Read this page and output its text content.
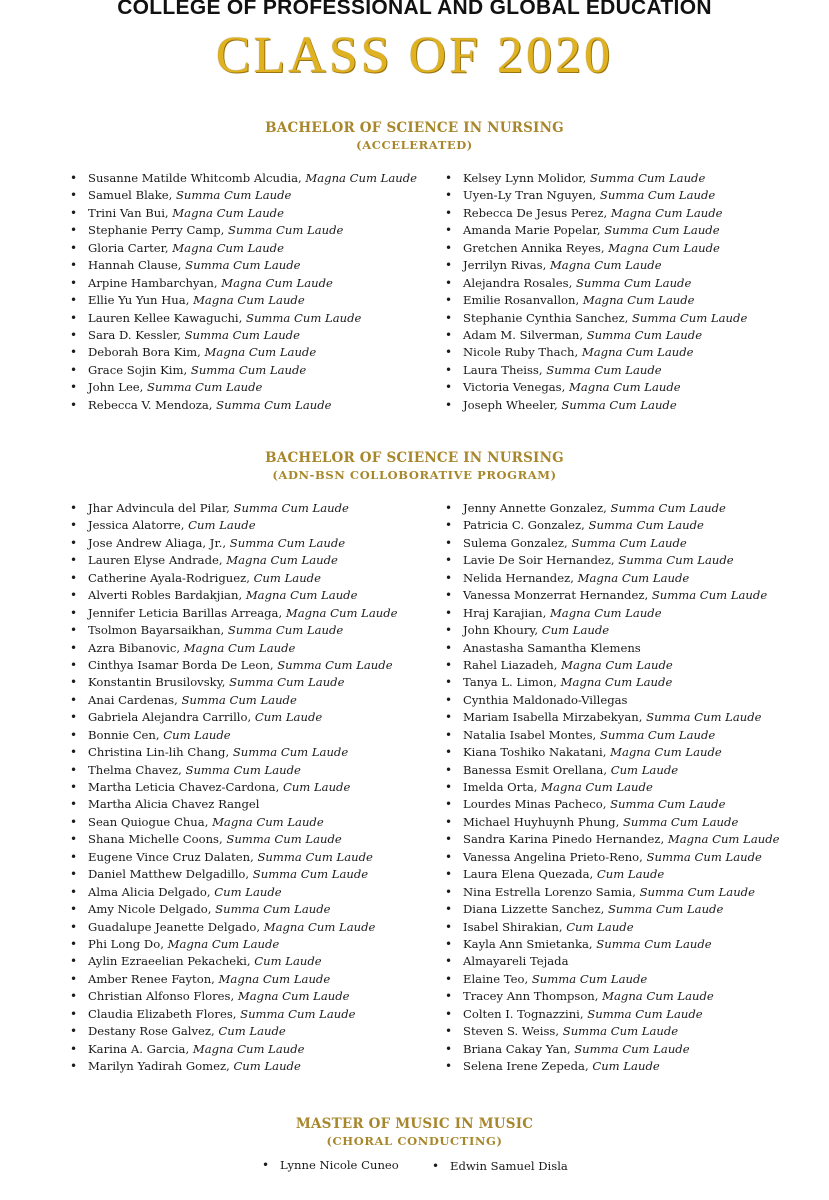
COLLEGE OF PROFESSIONAL AND GLOBAL EDUCATION
CLASS OF 2020
BACHELOR OF SCIENCE IN NURSING
(ACCELERATED)
• Susanne Matilde Whitcomb Alcudia, Magna Cum Laude
• Samuel Blake, Summa Cum Laude
• Trini Van Bui, Magna Cum Laude
• Stephanie Perry Camp, Summa Cum Laude
• Gloria Carter, Magna Cum Laude
• Hannah Clause, Summa Cum Laude
• Arpine Hambarchyan, Magna Cum Laude
• Ellie Yu Yun Hua, Magna Cum Laude
• Lauren Kellee Kawaguchi, Summa Cum Laude
• Sara D. Kessler, Summa Cum Laude
• Deborah Bora Kim, Magna Cum Laude
• Grace Sojin Kim, Summa Cum Laude
• John Lee, Summa Cum Laude
• Rebecca V. Mendoza, Summa Cum Laude
• Kelsey Lynn Molidor, Summa Cum Laude
• Uyen-Ly Tran Nguyen, Summa Cum Laude
• Rebecca De Jesus Perez, Magna Cum Laude
• Amanda Marie Popelar, Summa Cum Laude
• Gretchen Annika Reyes, Magna Cum Laude
• Jerrilyn Rivas, Magna Cum Laude
• Alejandra Rosales, Summa Cum Laude
• Emilie Rosanvallon, Magna Cum Laude
• Stephanie Cynthia Sanchez, Summa Cum Laude
• Adam M. Silverman, Summa Cum Laude
• Nicole Ruby Thach, Magna Cum Laude
• Laura Theiss, Summa Cum Laude
• Victoria Venegas, Magna Cum Laude
• Joseph Wheeler, Summa Cum Laude
BACHELOR OF SCIENCE IN NURSING
(ADN-BSN COLLOBORATIVE PROGRAM)
• Jhar Advincula del Pilar, Summa Cum Laude
• Jessica Alatorre, Cum Laude
• Jose Andrew Aliaga, Jr., Summa Cum Laude
• Lauren Elyse Andrade, Magna Cum Laude
• Catherine Ayala-Rodriguez, Cum Laude
• Alverti Robles Bardakjian, Magna Cum Laude
• Jennifer Leticia Barillas Arreaga, Magna Cum Laude
• Tsolmon Bayarsaikhan, Summa Cum Laude
• Azra Bibanovic, Magna Cum Laude
• Cinthya Isamar Borda De Leon, Summa Cum Laude
• Konstantin Brusilovsky, Summa Cum Laude
• Anai Cardenas, Summa Cum Laude
• Gabriela Alejandra Carrillo, Cum Laude
• Bonnie Cen, Cum Laude
• Christina Lin-lih Chang, Summa Cum Laude
• Thelma Chavez, Summa Cum Laude
• Martha Leticia Chavez-Cardona, Cum Laude
• Martha Alicia Chavez Rangel
• Sean Quiogue Chua, Magna Cum Laude
• Shana Michelle Coons, Summa Cum Laude
• Eugene Vince Cruz Dalaten, Summa Cum Laude
• Daniel Matthew Delgadillo, Summa Cum Laude
• Alma Alicia Delgado, Cum Laude
• Amy Nicole Delgado, Summa Cum Laude
• Guadalupe Jeanette Delgado, Magna Cum Laude
• Phi Long Do, Magna Cum Laude
• Aylin Ezraeelian Pekacheki, Cum Laude
• Amber Renee Fayton, Magna Cum Laude
• Christian Alfonso Flores, Magna Cum Laude
• Claudia Elizabeth Flores, Summa Cum Laude
• Destany Rose Galvez, Cum Laude
• Karina A. Garcia, Magna Cum Laude
• Marilyn Yadirah Gomez, Cum Laude
• Jenny Annette Gonzalez, Summa Cum Laude
• Patricia C. Gonzalez, Summa Cum Laude
• Sulema Gonzalez, Summa Cum Laude
• Lavie De Soir Hernandez, Summa Cum Laude
• Nelida Hernandez, Magna Cum Laude
• Vanessa Monzerrat Hernandez, Summa Cum Laude
• Hraj Karajian, Magna Cum Laude
• John Khoury, Cum Laude
• Anastasha Samantha Klemens
• Rahel Liazadeh, Magna Cum Laude
• Tanya L. Limon, Magna Cum Laude
• Cynthia Maldonado-Villegas
• Mariam Isabella Mirzabekyan, Summa Cum Laude
• Natalia Isabel Montes, Summa Cum Laude
• Kiana Toshiko Nakatani, Magna Cum Laude
• Banessa Esmit Orellana, Cum Laude
• Imelda Orta, Magna Cum Laude
• Lourdes Minas Pacheco, Summa Cum Laude
• Michael Huyhuynh Phung, Summa Cum Laude
• Sandra Karina Pinedo Hernandez, Magna Cum Laude
• Vanessa Angelina Prieto-Reno, Summa Cum Laude
• Laura Elena Quezada, Cum Laude
• Nina Estrella Lorenzo Samia, Summa Cum Laude
• Diana Lizzette Sanchez, Summa Cum Laude
• Isabel Shirakian, Cum Laude
• Kayla Ann Smietanka, Summa Cum Laude
• Almayareli Tejada
• Elaine Teo, Summa Cum Laude
• Tracey Ann Thompson, Magna Cum Laude
• Colten I. Tognazzini, Summa Cum Laude
• Steven S. Weiss, Summa Cum Laude
• Briana Cakay Yan, Summa Cum Laude
• Selena Irene Zepeda, Cum Laude
MASTER OF MUSIC IN MUSIC
(CHORAL CONDUCTING)
• Lynne Nicole Cuneo
•	Edwin Samuel Disla
